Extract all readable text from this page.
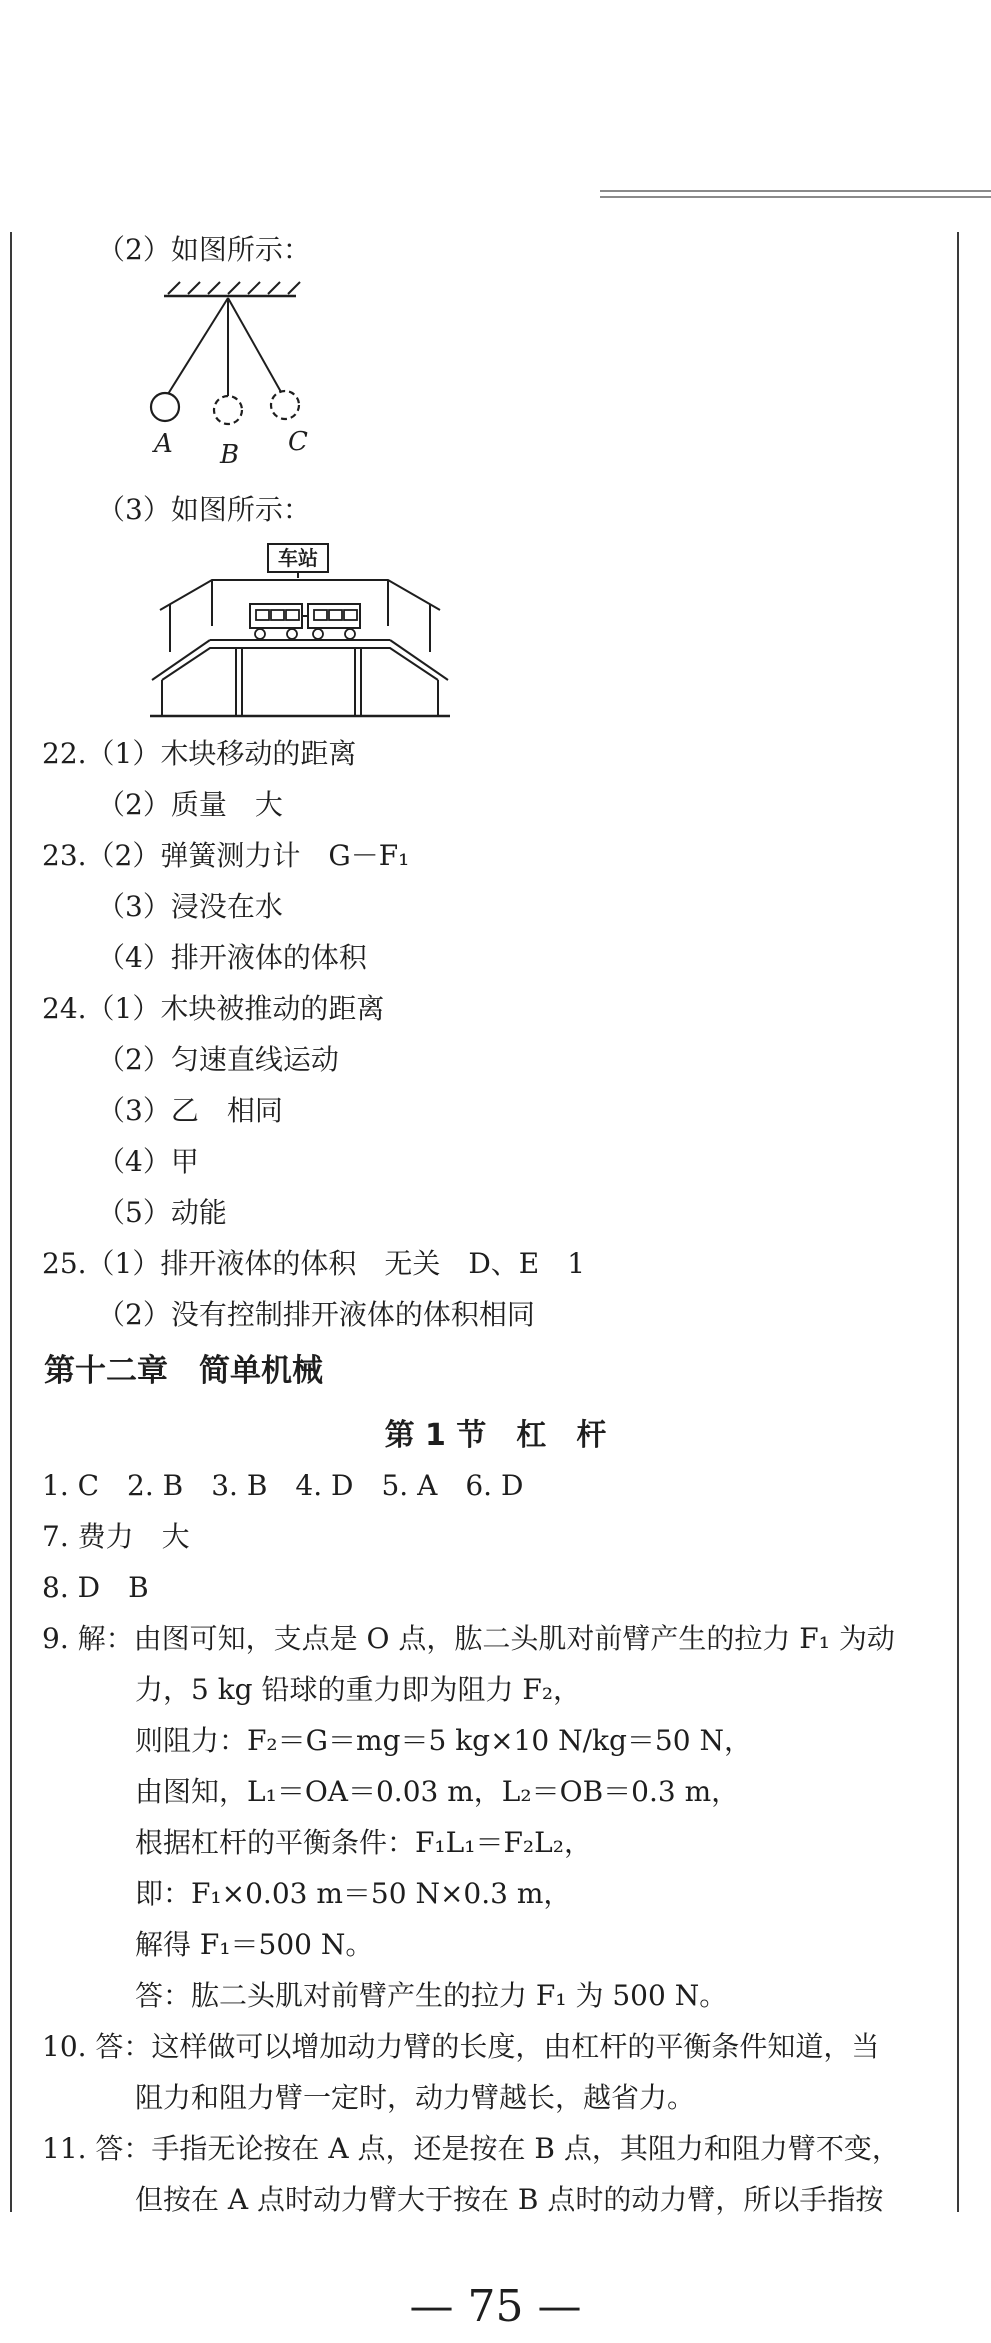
（2）如图所示：
A B C
（3）如图所示：
车站
22.（1）木块移动的距离
（2）质量　大
23.（2）弹簧测力计　G－F₁
（3）浸没在水
（4）排开液体的体积
24.（1）木块被推动的距离
（2）匀速直线运动
（3）乙　相同
（4）甲
（5）动能
25.（1）排开液体的体积　无关　D、E　1
（2）没有控制排开液体的体积相同
第十二章　简单机械
第 1 节　杠　杆
1. C　2. B　3. B　4. D　5. A　6. D
7. 费力　大
8. D　B
9. 解：由图可知，支点是 O 点，肱二头肌对前臂产生的拉力 F₁ 为动
力，5 kg 铅球的重力即为阻力 F₂，
则阻力：F₂＝G＝mg＝5 kg×10 N/kg＝50 N，
由图知，L₁＝OA＝0.03 m，L₂＝OB＝0.3 m，
根据杠杆的平衡条件：F₁L₁＝F₂L₂，
即：F₁×0.03 m＝50 N×0.3 m，
解得 F₁＝500 N。
答：肱二头肌对前臂产生的拉力 F₁ 为 500 N。
10. 答：这样做可以增加动力臂的长度，由杠杆的平衡条件知道，当
阻力和阻力臂一定时，动力臂越长，越省力。
11. 答：手指无论按在 A 点，还是按在 B 点，其阻力和阻力臂不变，
但按在 A 点时动力臂大于按在 B 点时的动力臂，所以手指按
— 75 —
